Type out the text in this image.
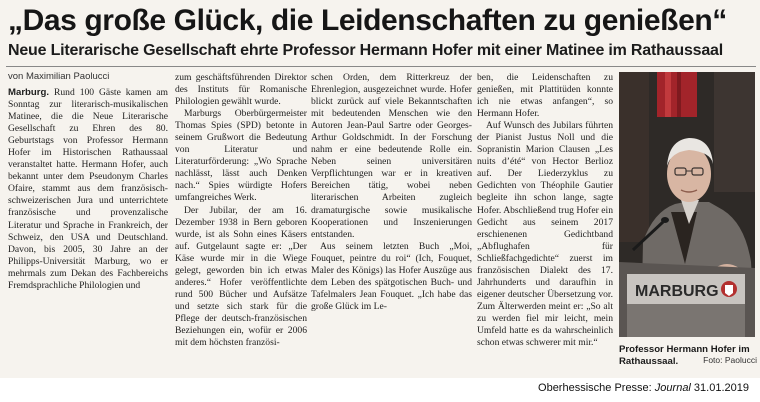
„Das große Glück, die Leidenschaften zu genießen“
Neue Literarische Gesellschaft ehrte Professor Hermann Hofer mit einer Matinee im Rathaussaal
von Maximilian Paolucci

Marburg. Rund 100 Gäste kamen am Sonntag zur literarisch-musikalischen Matinee, die die Neue Literarische Gesellschaft zu Ehren des 80. Geburtstags von Professor Hermann Hofer im Historischen Rathaussaal veranstaltet hatte. Hermann Hofer, auch bekannt unter dem Pseudonym Charles Ofaire, stammt aus dem französisch-schweizerischen Jura und unterrichtete französische und provenzalische Literatur und Sprache in Frankreich, der Schweiz, den USA und Deutschland. Davon, bis 2005, 30 Jahre an der Philipps-Universität Marburg, wo er mehrmals zum Dekan des Fachbereichs Fremdsprachliche Philologien und

zum geschäftsführenden Direktor des Instituts für Romanische Philologien gewählt wurde.

Marburgs Oberbürgermeister Thomas Spies (SPD) betonte in seinem Grußwort die Bedeutung von Literatur und Literaturförderung: „Wo Sprache nachlässt, lässt auch Denken nach.“ Spies würdigte Hofers umfangreiches Werk.

Der Jubilar, der am 16. Dezember 1938 in Bern geboren wurde, ist als Sohn eines Käsers auf. Gutgelaunt sagte er: „Der Käse wurde mir in die Wiege gelegt, geworden bin ich etwas anderes.“ Hofer veröffentlichte rund 500 Bücher und Aufsätze und setzte sich stark für die Pflege der deutsch-französischen Beziehungen ein, wofür er 2006 mit dem höchsten französi-

schen Orden, dem Ritterkreuz der Ehrenlegion, ausgezeichnet wurde. Hofer blickt zurück auf viele Bekanntschaften mit bedeutenden Menschen wie den Autoren Jean-Paul Sartre oder Georges-Arthur Goldschmidt. In der Forschung nahm er eine bedeutende Rolle ein. Neben seinen universitären Verpflichtungen war er in kreativen Bereichen tätig, wobei neben literarischen Arbeiten zugleich dramaturgische sowie musikalische Kooperationen und Inszenierungen entstanden.

Aus seinem letzten Buch „Moi, Fouquet, peintre du roi“ (Ich, Fouquet, Maler des Königs) las Hofer Auszüge aus dem Leben des spätgotischen Buch- und Tafelmalers Jean Fouquet. „Ich habe das große Glück im Le-

ben, die Leidenschaften zu genießen, mit Plattitüden konnte ich nie etwas anfangen“, so Hermann Hofer.

Auf Wunsch des Jubilars führten der Pianist Justus Noll und die Sopranistin Marion Clausen „Les nuits d’été“ von Hector Berlioz auf. Der Liederzyklus zu Gedichten von Théophile Gautier begleite ihn schon lange, sagte Hofer. Abschließend trug Hofer ein Gedicht aus seinem 2017 erschienenen Gedichtband „Abflughafen für Schließfachgedichte“ zuerst im französischen Dialekt des 17. Jahrhunderts und daraufhin in eigener deutscher Übersetzung vor. Zum Älterwerden meint er: „So alt zu werden fiel mir leicht, mein Umfeld hatte es da wahrscheinlich schon etwas schwerer mit mir.“

MARBURG
Professor Hermann Hofer im Rathaussaal.	Foto: Paolucci
Oberhessische Presse: Journal 31.01.2019
